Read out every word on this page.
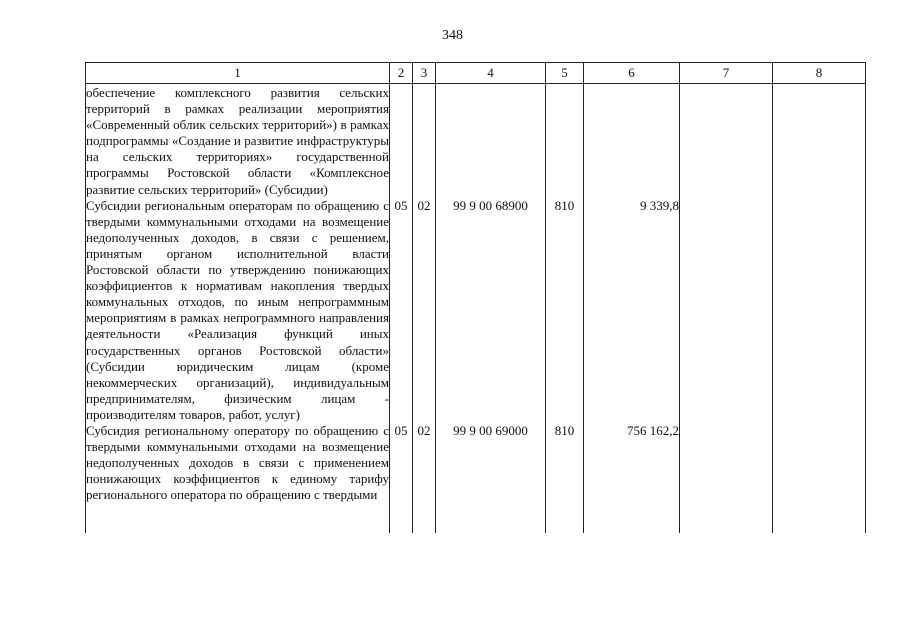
348
1	2	3	4	5	6	7	8
обеспечение комплексного развития сельских территорий в рамках реализации мероприятия «Современный облик сельских территорий») в рамках подпрограммы «Создание и развитие инфраструктуры на сельских территориях» государственной программы Ростовской области «Комплексное развитие сельских территорий» (Субсидии)							
Субсидии региональным операторам по обращению с твердыми коммунальными отходами на возмещение недополученных доходов, в связи с решением, принятым органом исполнительной власти Ростовской области по утверждению понижающих коэффициентов к нормативам накопления твердых коммунальных отходов, по иным непрограммным мероприятиям в рамках непрограммного направления деятельности «Реализация функций иных государственных органов Ростовской области» (Субсидии юридическим лицам (кроме некоммерческих организаций), индивидуальным предпринимателям, физическим лицам - производителям товаров, работ, услуг)	05	02	99 9 00 68900	810	9 339,8		
Субсидия региональному оператору по обращению с твердыми коммунальными отходами на возмещение недополученных доходов в связи с применением понижающих коэффициентов к единому тарифу регионального оператора по обращению с твердыми	05	02	99 9 00 69000	810	756 162,2		
